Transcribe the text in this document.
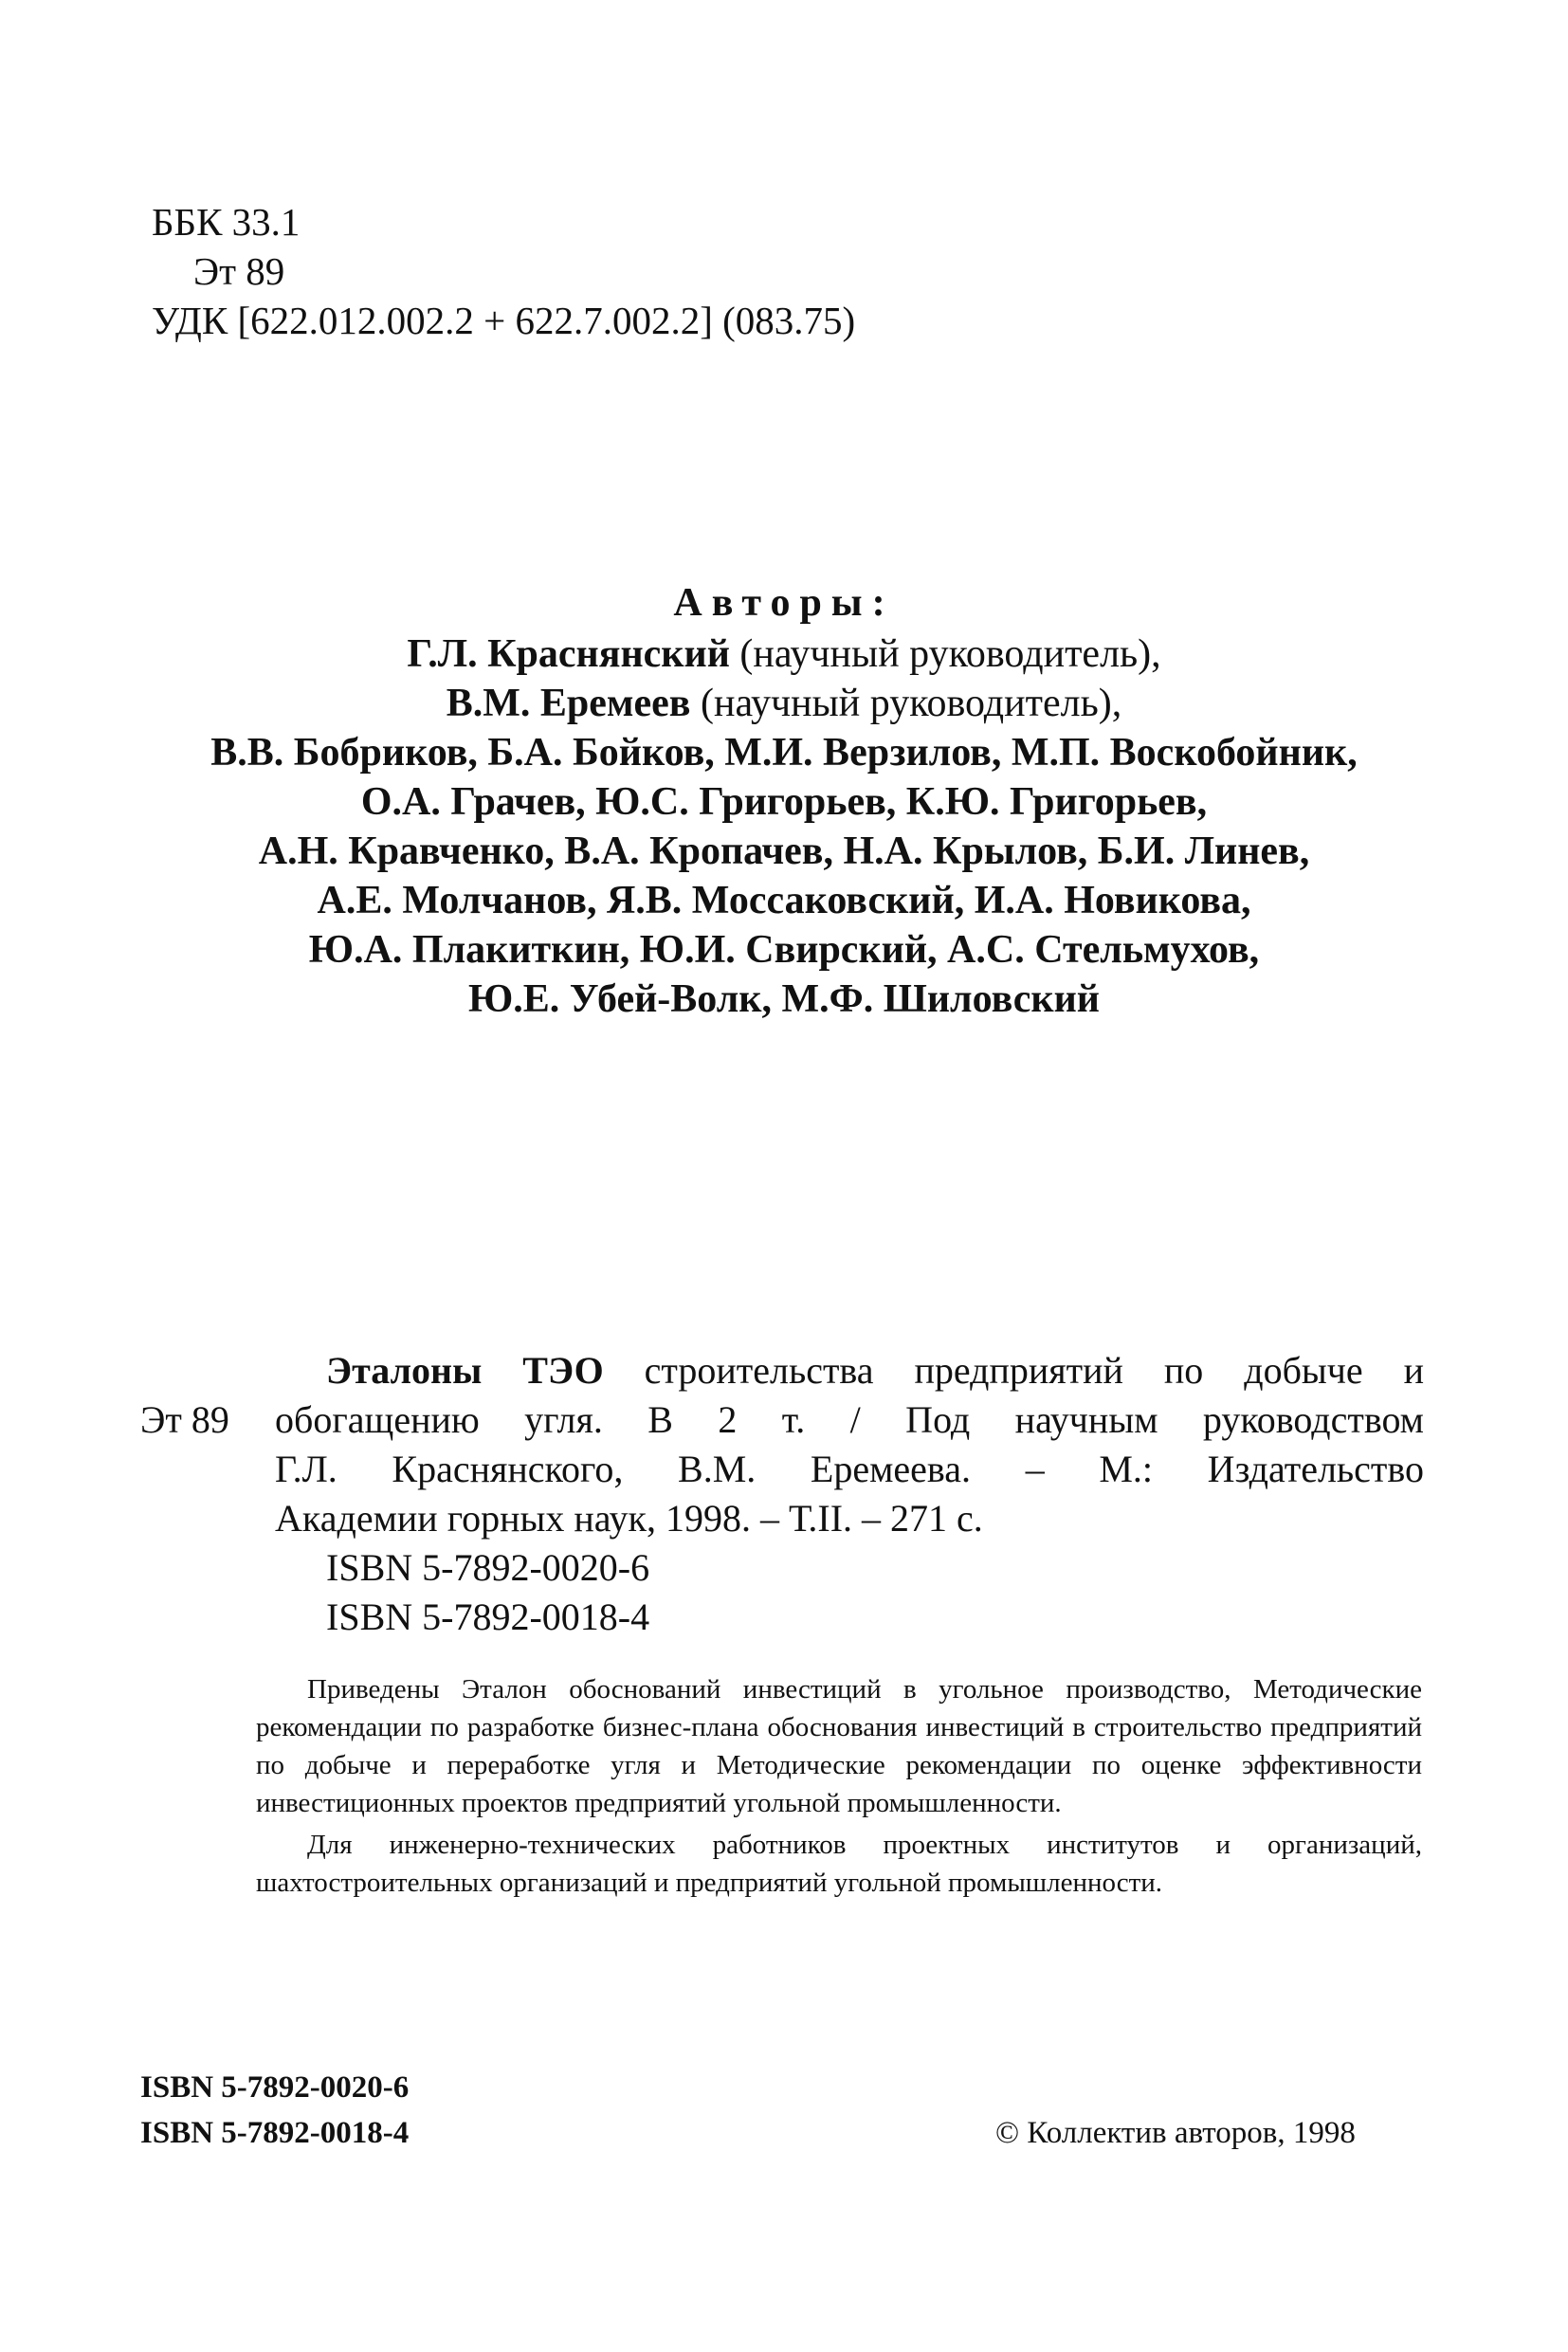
ББК 33.1
Эт 89
УДК [622.012.002.2 + 622.7.002.2] (083.75)
Авторы:
Г.Л. Краснянский (научный руководитель),
В.М. Еремеев (научный руководитель),
В.В. Бобриков, Б.А. Бойков, М.И. Верзилов, М.П. Воскобойник,
О.А. Грачев, Ю.С. Григорьев, К.Ю. Григорьев,
А.Н. Кравченко, В.А. Кропачев, Н.А. Крылов, Б.И. Линев,
А.Е. Молчанов, Я.В. Моссаковский, И.А. Новикова,
Ю.А. Плакиткин, Ю.И. Свирский, А.С. Стельмухов,
Ю.Е. Убей-Волк, М.Ф. Шиловский
Эт 89
Эталоны ТЭО строительства предприятий по добыче и
обогащению угля. В 2 т. / Под научным руководством
Г.Л. Краснянского, В.М. Еремеева. – М.: Издательство
Академии горных наук, 1998. – Т.II. – 271 с.
ISBN 5-7892-0020-6
ISBN 5-7892-0018-4

Приведены Эталон обоснований инвестиций в угольное производство, Методические рекомендации по разработке бизнес-плана обоснования инвестиций в строительство предприятий по добыче и переработке угля и Методические рекомендации по оценке эффективности инвестиционных проектов предприятий угольной промышленности.

Для инженерно-технических работников проектных институтов и организаций, шахтостроительных организаций и предприятий угольной промышленности.

ISBN 5-7892-0020-6
ISBN 5-7892-0018-4	© Коллектив авторов, 1998
